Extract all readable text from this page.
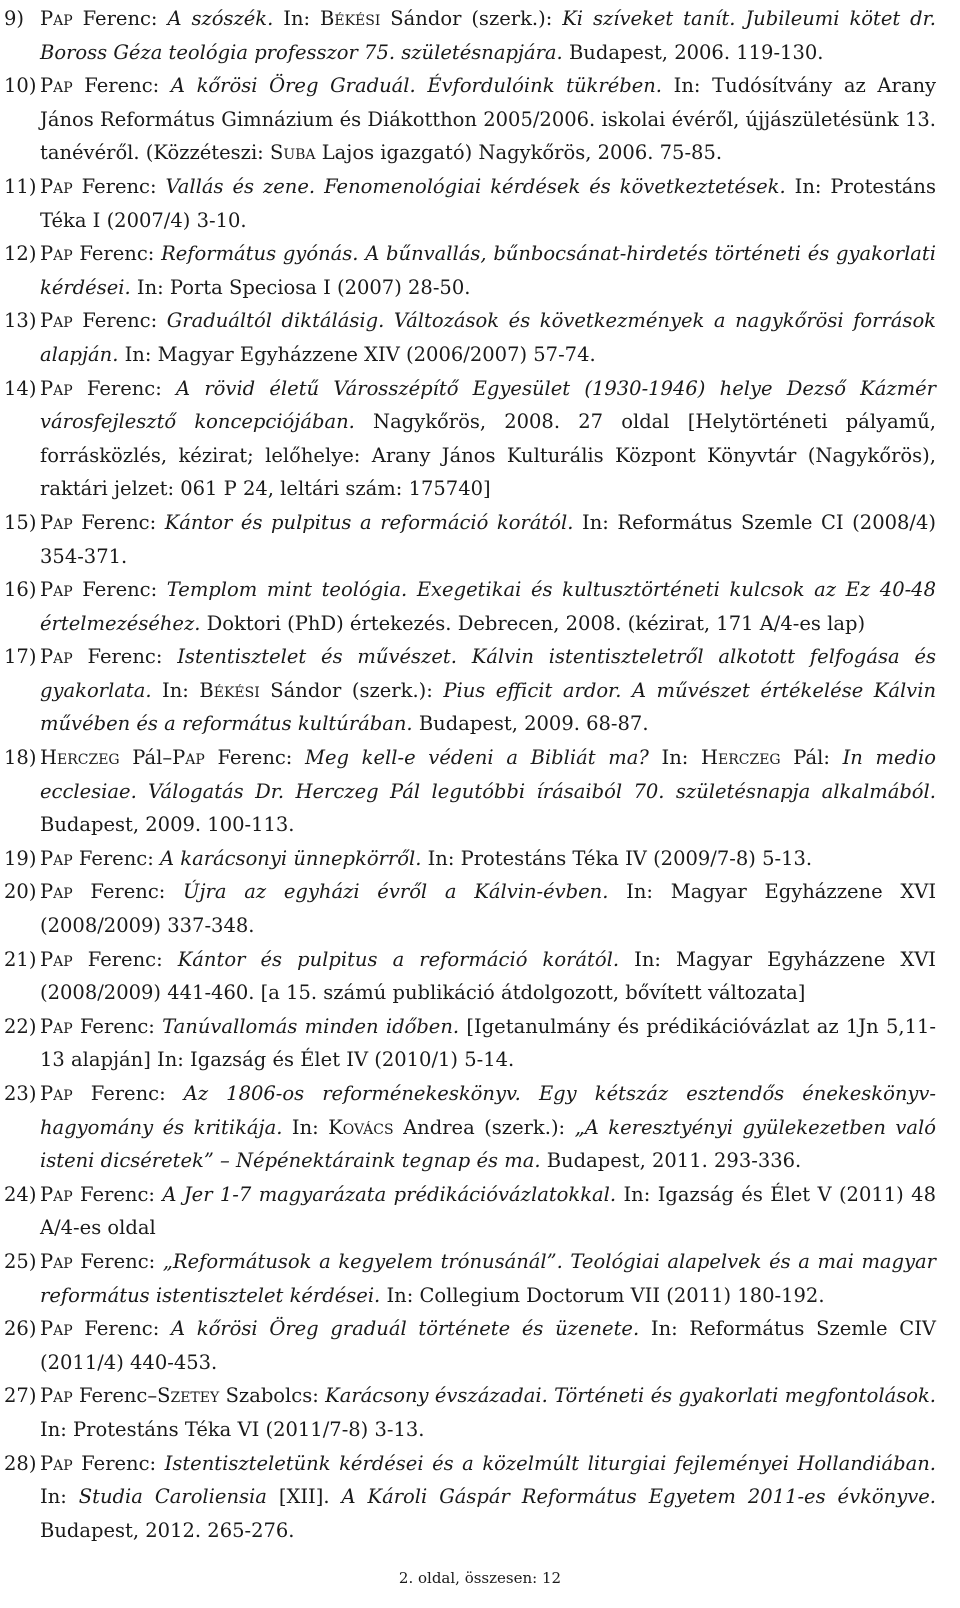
9) Pap Ferenc: A szószék. In: Békési Sándor (szerk.): Ki szíveket tanít. Jubileumi kötet dr. Boross Géza teológia professzor 75. születésnapjára. Budapest, 2006. 119-130.
10) Pap Ferenc: A kőrösi Öreg Graduál. Évfordulóink tükrében. In: Tudósítvány az Arany János Református Gimnázium és Diákotthon 2005/2006. iskolai évéről, újjászületésünk 13. tanévéről. (Közzéteszi: Suba Lajos igazgató) Nagykőrös, 2006. 75-85.
11) Pap Ferenc: Vallás és zene. Fenomenológiai kérdések és következtetések. In: Protestáns Téka I (2007/4) 3-10.
12) Pap Ferenc: Református gyónás. A bűnvallás, bűnbocsánat-hirdetés történeti és gyakorlati kérdései. In: Porta Speciosa I (2007) 28-50.
13) Pap Ferenc: Graduáltól diktálásig. Változások és következmények a nagykőrösi források alapján. In: Magyar Egyházzene XIV (2006/2007) 57-74.
14) Pap Ferenc: A rövid életű Városszépítő Egyesület (1930-1946) helye Dezső Kázmér városfejlesztő koncepciójában. Nagykőrös, 2008. 27 oldal [Helytörténeti pályamű, forrásközlés, kézirat; lelőhelye: Arany János Kulturális Központ Könyvtár (Nagykőrös), raktári jelzet: 061 P 24, leltári szám: 175740]
15) Pap Ferenc: Kántor és pulpitus a reformáció korától. In: Református Szemle CI (2008/4) 354-371.
16) Pap Ferenc: Templom mint teológia. Exegetikai és kultusztörténeti kulcsok az Ez 40-48 értelmezéséhez. Doktori (PhD) értekezés. Debrecen, 2008. (kézirat, 171 A/4-es lap)
17) Pap Ferenc: Istentisztelet és művészet. Kálvin istentiszteletről alkotott felfogása és gyakorlata. In: Békési Sándor (szerk.): Pius efficit ardor. A művészet értékelése Kálvin művében és a református kultúrában. Budapest, 2009. 68-87.
18) Herczeg Pál–Pap Ferenc: Meg kell-e védeni a Bibliát ma? In: Herczeg Pál: In medio ecclesiae. Válogatás Dr. Herczeg Pál legutóbbi írásaiból 70. születésnapja alkalmából. Budapest, 2009. 100-113.
19) Pap Ferenc: A karácsonyi ünnepkörről. In: Protestáns Téka IV (2009/7-8) 5-13.
20) Pap Ferenc: Újra az egyházi évről a Kálvin-évben. In: Magyar Egyházzene XVI (2008/2009) 337-348.
21) Pap Ferenc: Kántor és pulpitus a reformáció korától. In: Magyar Egyházzene XVI (2008/2009) 441-460. [a 15. számú publikáció átdolgozott, bővített változata]
22) Pap Ferenc: Tanúvallomás minden időben. [Igetanulmány és prédikációvázlat az 1Jn 5,11-13 alapján] In: Igazság és Élet IV (2010/1) 5-14.
23) Pap Ferenc: Az 1806-os reforménekeskönyv. Egy kétszáz esztendős énekeskönyv-hagyomány és kritikája. In: Kovács Andrea (szerk.): „A keresztyényi gyülekezetben való isteni dicséretek” – Népénektáraink tegnap és ma. Budapest, 2011. 293-336.
24) Pap Ferenc: A Jer 1-7 magyarázata prédikációvázlatokkal. In: Igazság és Élet V (2011) 48 A/4-es oldal
25) Pap Ferenc: „Reformátusok a kegyelem trónusánál”. Teológiai alapelvek és a mai magyar református istentisztelet kérdései. In: Collegium Doctorum VII (2011) 180-192.
26) Pap Ferenc: A kőrösi Öreg graduál története és üzenete. In: Református Szemle CIV (2011/4) 440-453.
27) Pap Ferenc–Szetey Szabolcs: Karácsony évszázadai. Történeti és gyakorlati megfontolások. In: Protestáns Téka VI (2011/7-8) 3-13.
28) Pap Ferenc: Istentiszteletünk kérdései és a közelmúlt liturgiai fejleményei Hollandiában. In: Studia Caroliensia [XII]. A Károli Gáspár Református Egyetem 2011-es évkönyve. Budapest, 2012. 265-276.
2. oldal, összesen: 12
